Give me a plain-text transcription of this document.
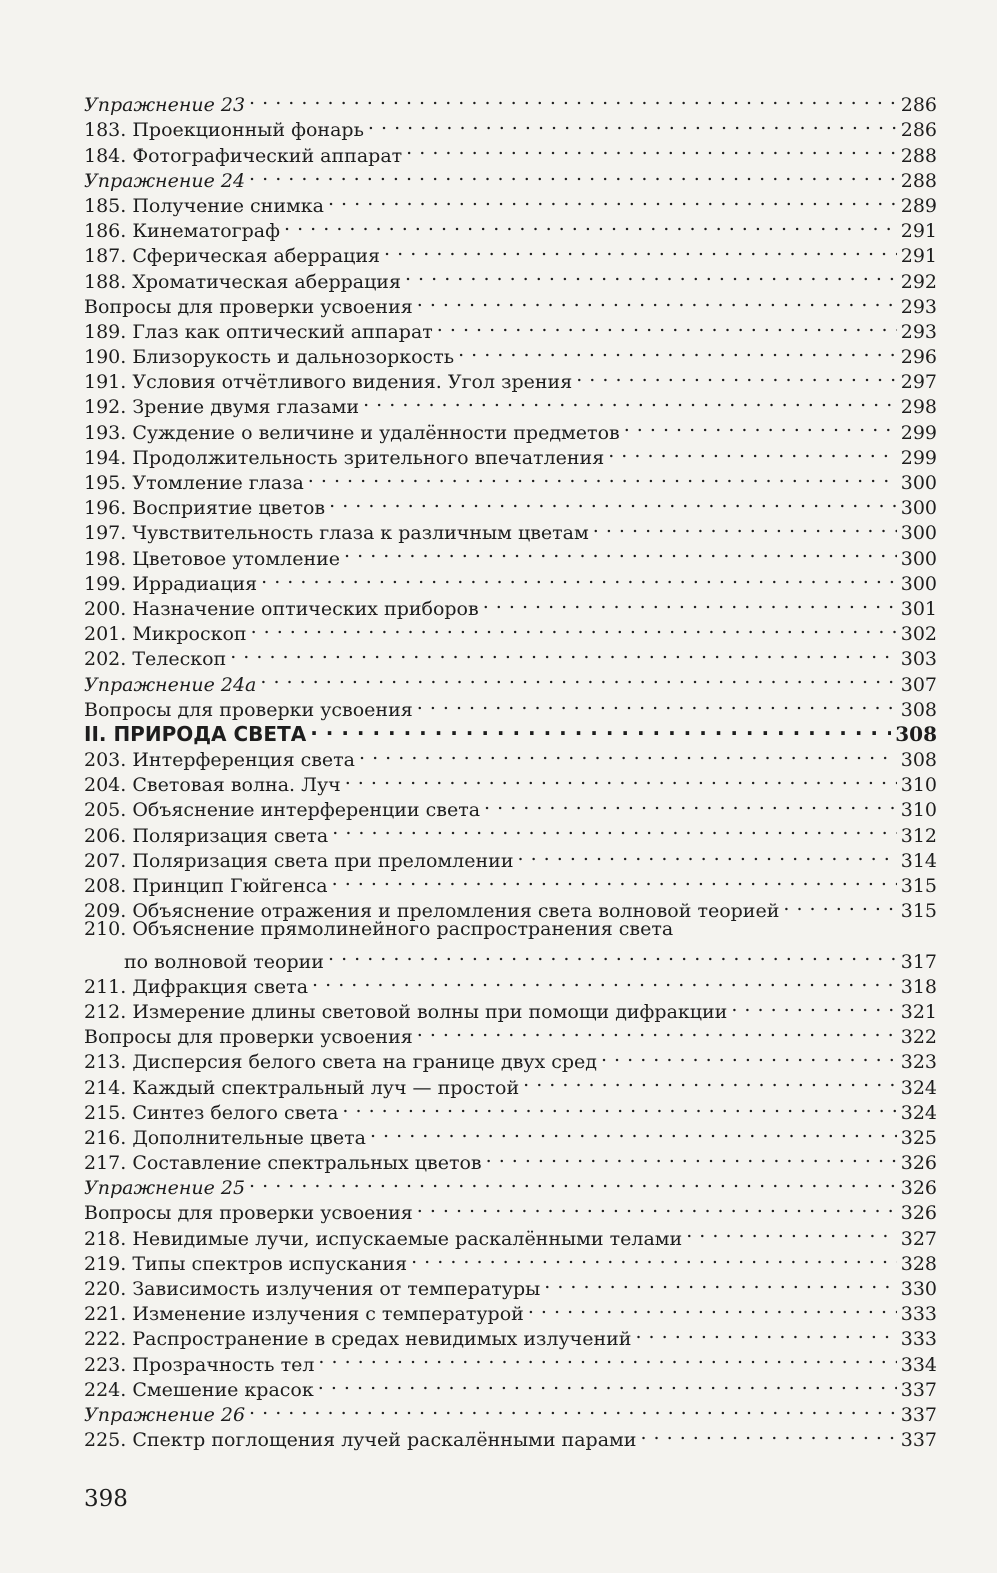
Упражнение 23 . . .	286
183. Проекционный фонарь . . .	286
184. Фотографический аппарат . . .	288
Упражнение 24 . . .	288
185. Получение снимка . . .	289
186. Кинематограф . . .	291
187. Сферическая аберрация . . .	291
188. Хроматическая аберрация . . .	292
Вопросы для проверки усвоения . . .	293
189. Глаз как оптический аппарат . . .	293
190. Близорукость и дальнозоркость . . .	296
191. Условия отчётливого видения. Угол зрения . . .	297
192. Зрение двумя глазами . . .	298
193. Суждение о величине и удалённости предметов . . .	299
194. Продолжительность зрительного впечатления . . .	299
195. Утомление глаза . . .	300
196. Восприятие цветов . . .	300
197. Чувствительность глаза к различным цветам . . .	300
198. Цветовое утомление . . .	300
199. Иррадиация . . .	300
200. Назначение оптических приборов . . .	301
201. Микроскоп . . .	302
202. Телескоп . . .	303
Упражнение 24а . . .	307
Вопросы для проверки усвоения . . .	308
II. ПРИРОДА СВЕТА . . .	308
203. Интерференция света . . .	308
204. Световая волна. Луч . . .	310
205. Объяснение интерференции света . . .	310
206. Поляризация света . . .	312
207. Поляризация света при преломлении . . .	314
208. Принцип Гюйгенса . . .	315
209. Объяснение отражения и преломления света волновой теорией . . .	315
210. Объяснение прямолинейного распространения света
по волновой теории . . .	317
211. Дифракция света . . .	318
212. Измерение длины световой волны при помощи дифракции . . .	321
Вопросы для проверки усвоения . . .	322
213. Дисперсия белого света на границе двух сред . . .	323
214. Каждый спектральный луч — простой . . .	324
215. Синтез белого света . . .	324
216. Дополнительные цвета . . .	325
217. Составление спектральных цветов . . .	326
Упражнение 25 . . .	326
Вопросы для проверки усвоения . . .	326
218. Невидимые лучи, испускаемые раскалёнными телами . . .	327
219. Типы спектров испускания . . .	328
220. Зависимость излучения от температуры . . .	330
221. Изменение излучения с температурой . . .	333
222. Распространение в средах невидимых излучений . . .	333
223. Прозрачность тел . . .	334
224. Смешение красок . . .	337
Упражнение 26 . . .	337
225. Спектр поглощения лучей раскалёнными парами . . .	337
398
